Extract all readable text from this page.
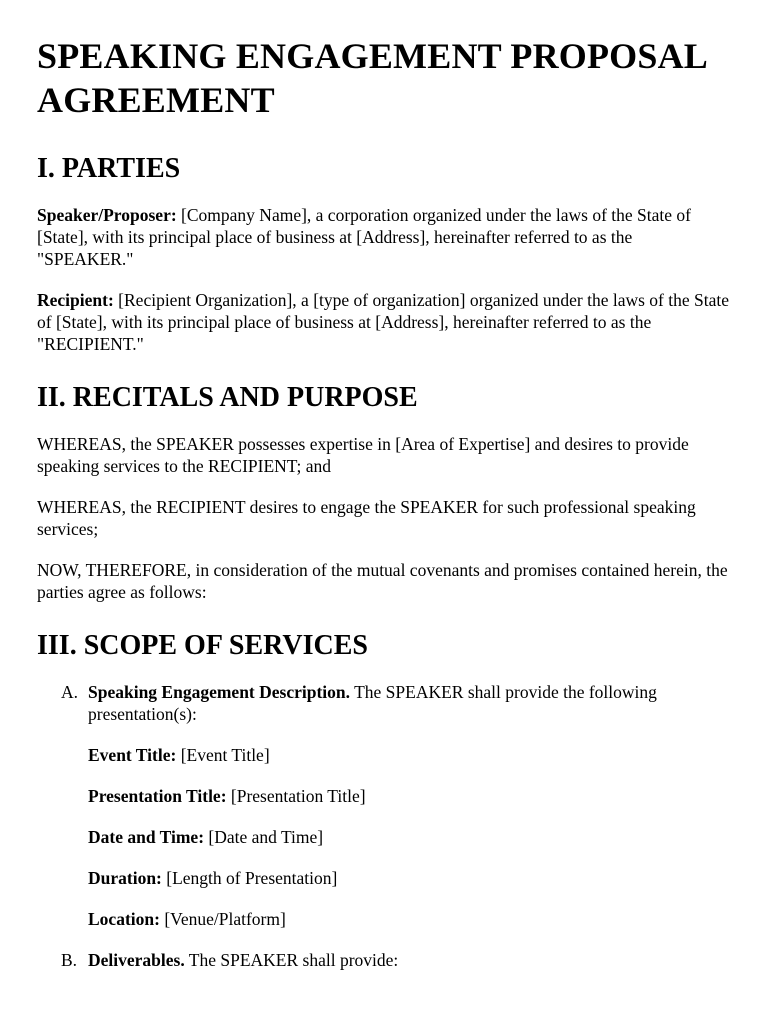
SPEAKING ENGAGEMENT PROPOSAL AGREEMENT
I. PARTIES

Speaker/Proposer: [Company Name], a corporation organized under the laws of the State of [State], with its principal place of business at [Address], hereinafter referred to as the "SPEAKER."

Recipient: [Recipient Organization], a [type of organization] organized under the laws of the State of [State], with its principal place of business at [Address], hereinafter referred to as the "RECIPIENT."

II. RECITALS AND PURPOSE

WHEREAS, the SPEAKER possesses expertise in [Area of Expertise] and desires to provide speaking services to the RECIPIENT; and

WHEREAS, the RECIPIENT desires to engage the SPEAKER for such professional speaking services;

NOW, THEREFORE, in consideration of the mutual covenants and promises contained herein, the parties agree as follows:

III. SCOPE OF SERVICES
A. Speaking Engagement Description. The SPEAKER shall provide the following presentation(s):

Event Title: [Event Title]

Presentation Title: [Presentation Title]

Date and Time: [Date and Time]

Duration: [Length of Presentation]

Location: [Venue/Platform]

B. Deliverables. The SPEAKER shall provide:
